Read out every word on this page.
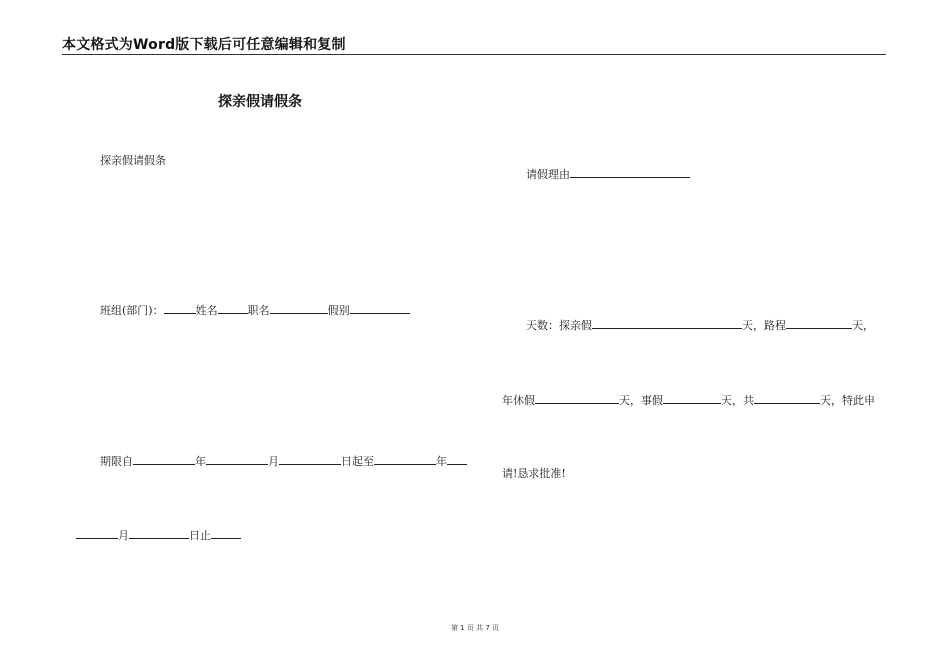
本文格式为Word版下载后可任意编辑和复制
探亲假请假条
探亲假请假条
班组(部门)：	姓名	职名	假别
期限自	年	月	日起至	年
月	日止
请假理由
天数：探亲假	天，路程	天，
年休假	天，事假	天，共	天，特此申
请!恳求批准!
第 1 页 共 7 页
